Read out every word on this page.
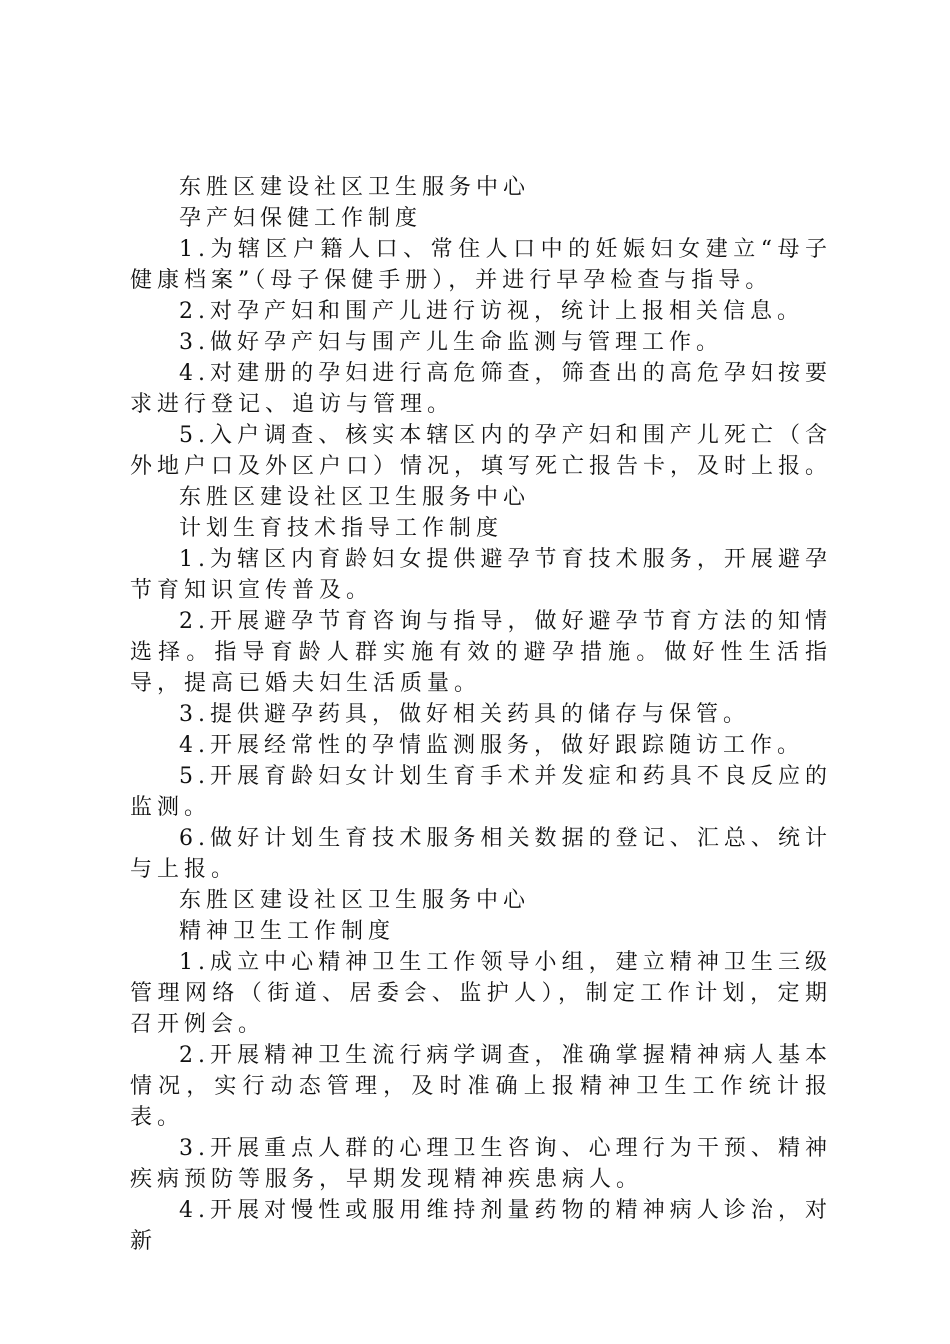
东胜区建设社区卫生服务中心

孕产妇保健工作制度

1.为辖区户籍人口、常住人口中的妊娠妇女建立“母子健康档案”（母子保健手册），并进行早孕检查与指导。

2.对孕产妇和围产儿进行访视，统计上报相关信息。

3.做好孕产妇与围产儿生命监测与管理工作。

4.对建册的孕妇进行高危筛查，筛查出的高危孕妇按要求进行登记、追访与管理。

5.入户调查、核实本辖区内的孕产妇和围产儿死亡（含外地户口及外区户口）情况，填写死亡报告卡，及时上报。

东胜区建设社区卫生服务中心

计划生育技术指导工作制度

1.为辖区内育龄妇女提供避孕节育技术服务，开展避孕节育知识宣传普及。

2.开展避孕节育咨询与指导，做好避孕节育方法的知情选择。指导育龄人群实施有效的避孕措施。做好性生活指导，提高已婚夫妇生活质量。

3.提供避孕药具，做好相关药具的储存与保管。

4.开展经常性的孕情监测服务，做好跟踪随访工作。

5.开展育龄妇女计划生育手术并发症和药具不良反应的监测。

6.做好计划生育技术服务相关数据的登记、汇总、统计与上报。

东胜区建设社区卫生服务中心

精神卫生工作制度

1.成立中心精神卫生工作领导小组，建立精神卫生三级管理网络（街道、居委会、监护人），制定工作计划，定期召开例会。

2.开展精神卫生流行病学调查，准确掌握精神病人基本情况，实行动态管理，及时准确上报精神卫生工作统计报表。

3.开展重点人群的心理卫生咨询、心理行为干预、精神疾病预防等服务，早期发现精神疾患病人。

4.开展对慢性或服用维持剂量药物的精神病人诊治，对新
